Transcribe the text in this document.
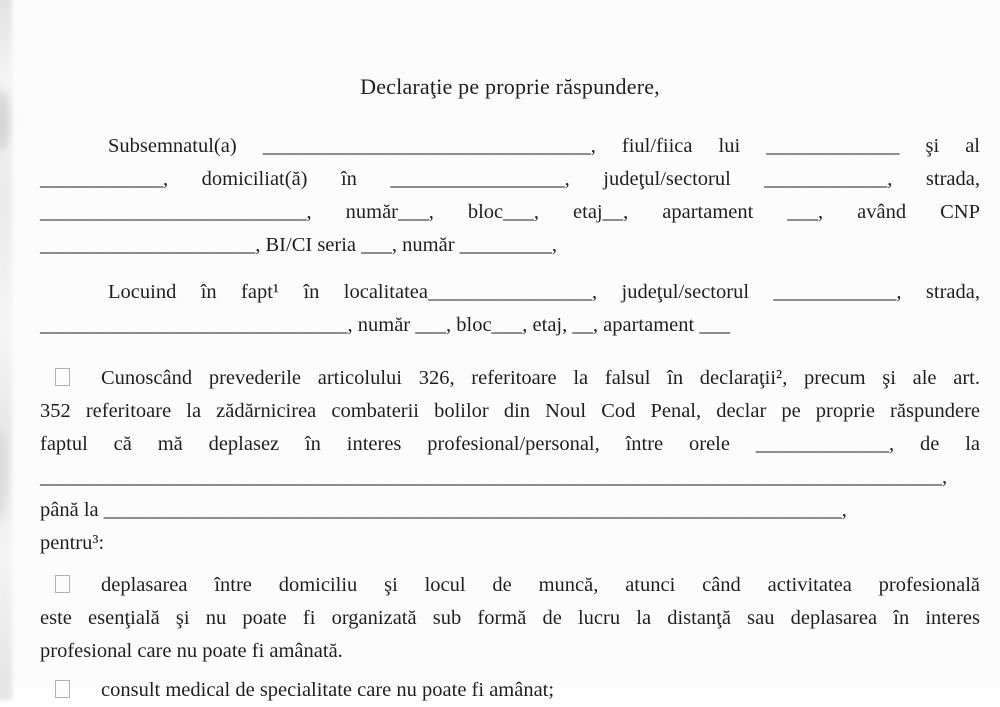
Declaraţie pe proprie răspundere,
Subsemnatul(a) ________________________________, fiul/fiica lui _____________ şi al
____________, domiciliat(ă) în _________________, judeţul/sectorul ____________, strada,
__________________________, număr___, bloc___, etaj__, apartament ___, având CNP
_____________________, BI/CI seria ___, număr _________,
Locuind în fapt¹ în localitatea________________, judeţul/sectorul ____________, strada,
______________________________, număr ___, bloc___, etaj, __, apartament ___
Cunoscând prevederile articolului 326, referitoare la falsul în declaraţii², precum şi ale art.
352 referitoare la zădărnicirea combaterii bolilor din Noul Cod Penal, declar pe proprie răspundere
faptul că mă deplasez în interes profesional/personal, între orele _____________, de la
________________________________________________________________________________________,
până la ________________________________________________________________________,
pentru³:
deplasarea între domiciliu şi locul de muncă, atunci când activitatea profesională
este esenţială şi nu poate fi organizată sub formă de lucru la distanţă sau deplasarea în interes
profesional care nu poate fi amânată.
consult medical de specialitate care nu poate fi amânat;
